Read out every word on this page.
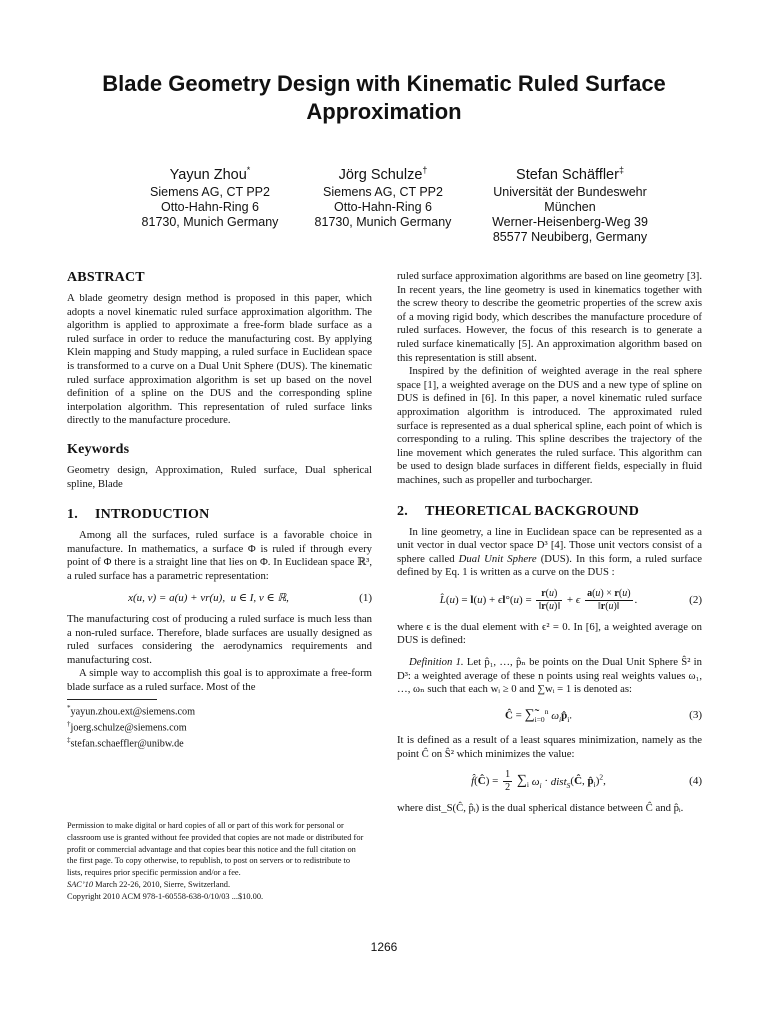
Blade Geometry Design with Kinematic Ruled Surface Approximation
Yayun Zhou*
Siemens AG, CT PP2
Otto-Hahn-Ring 6
81730, Munich Germany
Jörg Schulze†
Siemens AG, CT PP2
Otto-Hahn-Ring 6
81730, Munich Germany
Stefan Schäffler‡
Universität der Bundeswehr
München
Werner-Heisenberg-Weg 39
85577 Neubiberg, Germany
ABSTRACT

A blade geometry design method is proposed in this paper, which adopts a novel kinematic ruled surface approximation algorithm. The algorithm is applied to approximate a free-form blade surface as a ruled surface in order to reduce the manufacturing cost. By applying Klein mapping and Study mapping, a ruled surface in Euclidean space is transformed to a curve on a Dual Unit Sphere (DUS). The kinematic ruled surface approximation algorithm is set up based on the novel definition of a spline on the DUS and the corresponding spline interpolation algorithm. This representation of ruled surface links directly to the manufacture procedure.

Keywords

Geometry design, Approximation, Ruled surface, Dual spherical spline, Blade

1. INTRODUCTION

Among all the surfaces, ruled surface is a favorable choice in manufacture. In mathematics, a surface Φ is ruled if through every point of Φ there is a straight line that lies on Φ. In Euclidean space ℝ³, a ruled surface has a parametric representation:

x(u, v) = a(u) + vr(u), u ∈ I, v ∈ ℝ,	(1)

The manufacturing cost of producing a ruled surface is much less than a non-ruled surface. Therefore, blade surfaces are usually designed as ruled surfaces considering the aerodynamics requirements and manufacturing cost.

A simple way to accomplish this goal is to approximate a free-form blade surface as a ruled surface. Most of the

*yayun.zhou.ext@siemens.com
†joerg.schulze@siemens.com
‡stefan.schaeffler@unibw.de
Permission to make digital or hard copies of all or part of this work for personal or classroom use is granted without fee provided that copies are not made or distributed for profit or commercial advantage and that copies bear this notice and the full citation on the first page. To copy otherwise, to republish, to post on servers or to redistribute to lists, requires prior specific permission and/or a fee.
SAC’10 March 22-26, 2010, Sierre, Switzerland.
Copyright 2010 ACM 978-1-60558-638-0/10/03 ...$10.00.

ruled surface approximation algorithms are based on line geometry [3]. In recent years, the line geometry is used in kinematics together with the screw theory to describe the geometric properties of the screw axis of a moving rigid body, which describes the manufacture procedure of ruled surfaces. However, the focus of this research is to generate a ruled surface kinematically [5]. An approximation algorithm based on this representation is still absent.

Inspired by the definition of weighted average in the real sphere space [1], a weighted average on the DUS and a new type of spline on DUS is defined in [6]. In this paper, a novel kinematic ruled surface approximation algorithm is introduced. The approximated ruled surface is represented as a dual spherical spline, each point of which is corresponding to a ruling. This spline describes the trajectory of the line movement which generates the ruled surface. This algorithm can be used to design blade surfaces in different fields, especially in fluid machines, such as propeller and turbocharger.

2. THEORETICAL BACKGROUND

In line geometry, a line in Euclidean space can be represented as a unit vector in dual vector space D³ [4]. Those unit vectors consist of a sphere called Dual Unit Sphere (DUS). In this form, a ruled surface defined by Eq. 1 is written as a curve on the DUS :

L̂(u) = $l(u) + \epsilon l^\circ(u) = \frac{r(u)}{‖r(u)‖} + \epsilon \frac{a(u) \times r(u)}{‖r(u)‖}$ .	(2)

where ϵ is the dual element with ϵ² = 0. In [6], a weighted average on DUS is defined:

Definition 1. Let p̂₁, …, p̂ₙ be points on the Dual Unit Sphere Ŝ² in D³: a weighted average of these n points using real weights values ω₁, …, ωₙ such that each wᵢ ≥ 0 and ∑wᵢ = 1 is denoted as:

Ĉ = $\sum̃_{i=0}^n$ $\omega_ip̂_i$.	(3)

It is defined as a result of a least squares minimization, namely as the point Ĉ on Ŝ² which minimizes the value:

f̂(Ĉ) = $\frac{1}{2} \sum_i$ $\omega_i$ · dist$_S$(Ĉ, $p̂_i)^2$,	(4)

where dist_S(Ĉ, p̂ᵢ) is the dual spherical distance between Ĉ and p̂ᵢ.

1266
